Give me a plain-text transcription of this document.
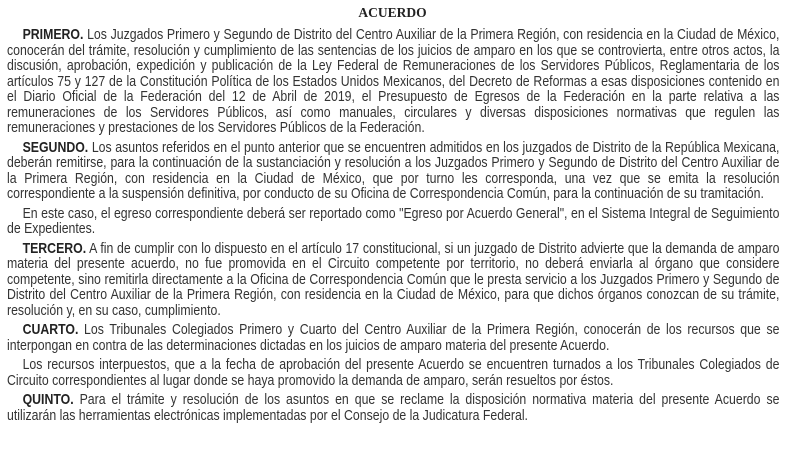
ACUERDO

PRIMERO. Los Juzgados Primero y Segundo de Distrito del Centro Auxiliar de la Primera Región, con residencia en la Ciudad de México, conocerán del trámite, resolución y cumplimiento de las sentencias de los juicios de amparo en los que se controvierta, entre otros actos, la discusión, aprobación, expedición y publicación de la Ley Federal de Remuneraciones de los Servidores Públicos, Reglamentaria de los artículos 75 y 127 de la Constitución Política de los Estados Unidos Mexicanos, del Decreto de Reformas a esas disposiciones contenido en el Diario Oficial de la Federación del 12 de Abril de 2019, el Presupuesto de Egresos de la Federación en la parte relativa a las remuneraciones de los Servidores Públicos, así como manuales, circulares y diversas disposiciones normativas que regulen las remuneraciones y prestaciones de los Servidores Públicos de la Federación.

SEGUNDO. Los asuntos referidos en el punto anterior que se encuentren admitidos en los juzgados de Distrito de la República Mexicana, deberán remitirse, para la continuación de la sustanciación y resolución a los Juzgados Primero y Segundo de Distrito del Centro Auxiliar de la Primera Región, con residencia en la Ciudad de México, que por turno les corresponda, una vez que se emita la resolución correspondiente a la suspensión definitiva, por conducto de su Oficina de Correspondencia Común, para la continuación de su tramitación.

En este caso, el egreso correspondiente deberá ser reportado como "Egreso por Acuerdo General", en el Sistema Integral de Seguimiento de Expedientes.

TERCERO. A fin de cumplir con lo dispuesto en el artículo 17 constitucional, si un juzgado de Distrito advierte que la demanda de amparo materia del presente acuerdo, no fue promovida en el Circuito competente por territorio, no deberá enviarla al órgano que considere competente, sino remitirla directamente a la Oficina de Correspondencia Común que le presta servicio a los Juzgados Primero y Segundo de Distrito del Centro Auxiliar de la Primera Región, con residencia en la Ciudad de México, para que dichos órganos conozcan de su trámite, resolución y, en su caso, cumplimiento.

CUARTO. Los Tribunales Colegiados Primero y Cuarto del Centro Auxiliar de la Primera Región, conocerán de los recursos que se interpongan en contra de las determinaciones dictadas en los juicios de amparo materia del presente Acuerdo.

Los recursos interpuestos, que a la fecha de aprobación del presente Acuerdo se encuentren turnados a los Tribunales Colegiados de Circuito correspondientes al lugar donde se haya promovido la demanda de amparo, serán resueltos por éstos.

QUINTO. Para el trámite y resolución de los asuntos en que se reclame la disposición normativa materia del presente Acuerdo se utilizarán las herramientas electrónicas implementadas por el Consejo de la Judicatura Federal.
